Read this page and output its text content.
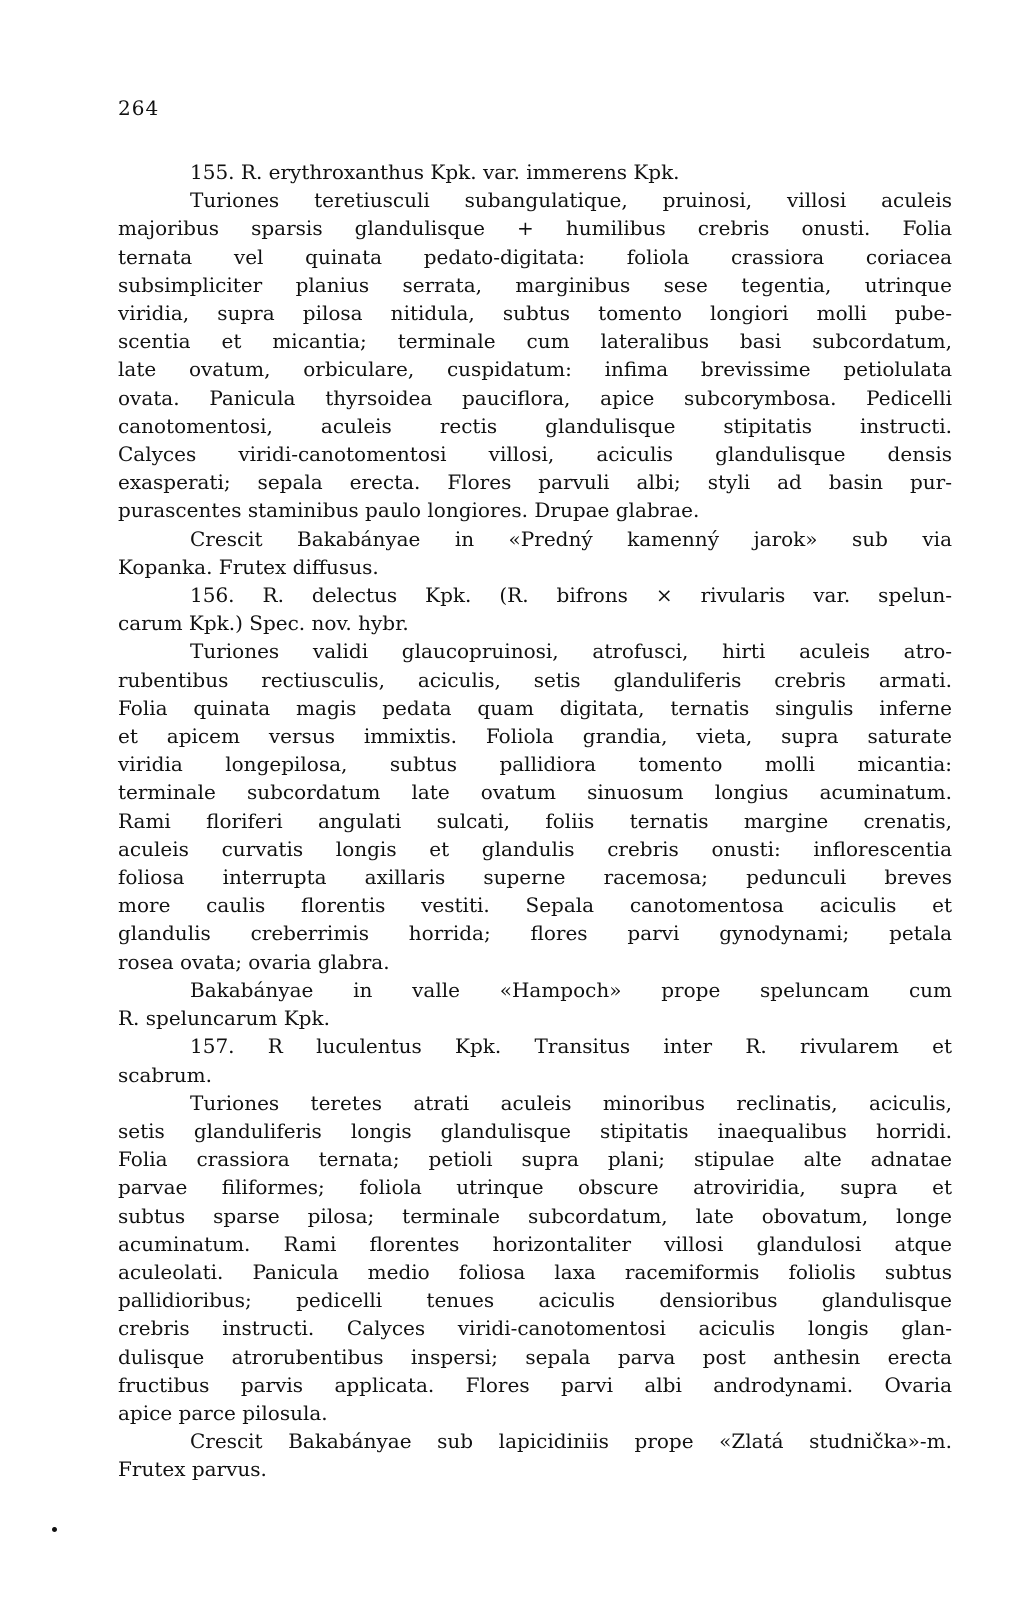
264
155. R. erythroxanthus Kpk. var. immerens Kpk.
Turiones teretiusculi subangulatique, pruinosi, villosi aculeis
majoribus sparsis glandulisque + humilibus crebris onusti. Folia
ternata vel quinata pedato-digitata: foliola crassiora coriacea
subsimpliciter planius serrata, marginibus sese tegentia, utrinque
viridia, supra pilosa nitidula, subtus tomento longiori molli pube-
scentia et micantia; terminale cum lateralibus basi subcordatum,
late ovatum, orbiculare, cuspidatum: infima brevissime petiolulata
ovata. Panicula thyrsoidea pauciflora, apice subcorymbosa. Pedicelli
canotomentosi, aculeis rectis glandulisque stipitatis instructi.
Calyces viridi-canotomentosi villosi, aciculis glandulisque densis
exasperati; sepala erecta. Flores parvuli albi; styli ad basin pur-
purascentes staminibus paulo longiores. Drupae glabrae.
Crescit Bakabányae in «Predný kamenný jarok» sub via
Kopanka. Frutex diffusus.
156. R. delectus Kpk. (R. bifrons × rivularis var. spelun-
carum Kpk.) Spec. nov. hybr.
Turiones validi glaucopruinosi, atrofusci, hirti aculeis atro-
rubentibus rectiusculis, aciculis, setis glanduliferis crebris armati.
Folia quinata magis pedata quam digitata, ternatis singulis inferne
et apicem versus immixtis. Foliola grandia, vieta, supra saturate
viridia longepilosa, subtus pallidiora tomento molli micantia:
terminale subcordatum late ovatum sinuosum longius acuminatum.
Rami floriferi angulati sulcati, foliis ternatis margine crenatis,
aculeis curvatis longis et glandulis crebris onusti: inflorescentia
foliosa interrupta axillaris superne racemosa; pedunculi breves
more caulis florentis vestiti. Sepala canotomentosa aciculis et
glandulis creberrimis horrida; flores parvi gynodynami; petala
rosea ovata; ovaria glabra.
Bakabányae in valle «Hampoch» prope speluncam cum
R. speluncarum Kpk.
157. R luculentus Kpk. Transitus inter R. rivularem et
scabrum.
Turiones teretes atrati aculeis minoribus reclinatis, aciculis,
setis glanduliferis longis glandulisque stipitatis inaequalibus horridi.
Folia crassiora ternata; petioli supra plani; stipulae alte adnatae
parvae filiformes; foliola utrinque obscure atroviridia, supra et
subtus sparse pilosa; terminale subcordatum, late obovatum, longe
acuminatum. Rami florentes horizontaliter villosi glandulosi atque
aculeolati. Panicula medio foliosa laxa racemiformis foliolis subtus
pallidioribus; pedicelli tenues aciculis densioribus glandulisque
crebris instructi. Calyces viridi-canotomentosi aciculis longis glan-
dulisque atrorubentibus inspersi; sepala parva post anthesin erecta
fructibus parvis applicata. Flores parvi albi androdynami. Ovaria
apice parce pilosula.
Crescit Bakabányae sub lapicidiniis prope «Zlatá studnička»-m.
Frutex parvus.
